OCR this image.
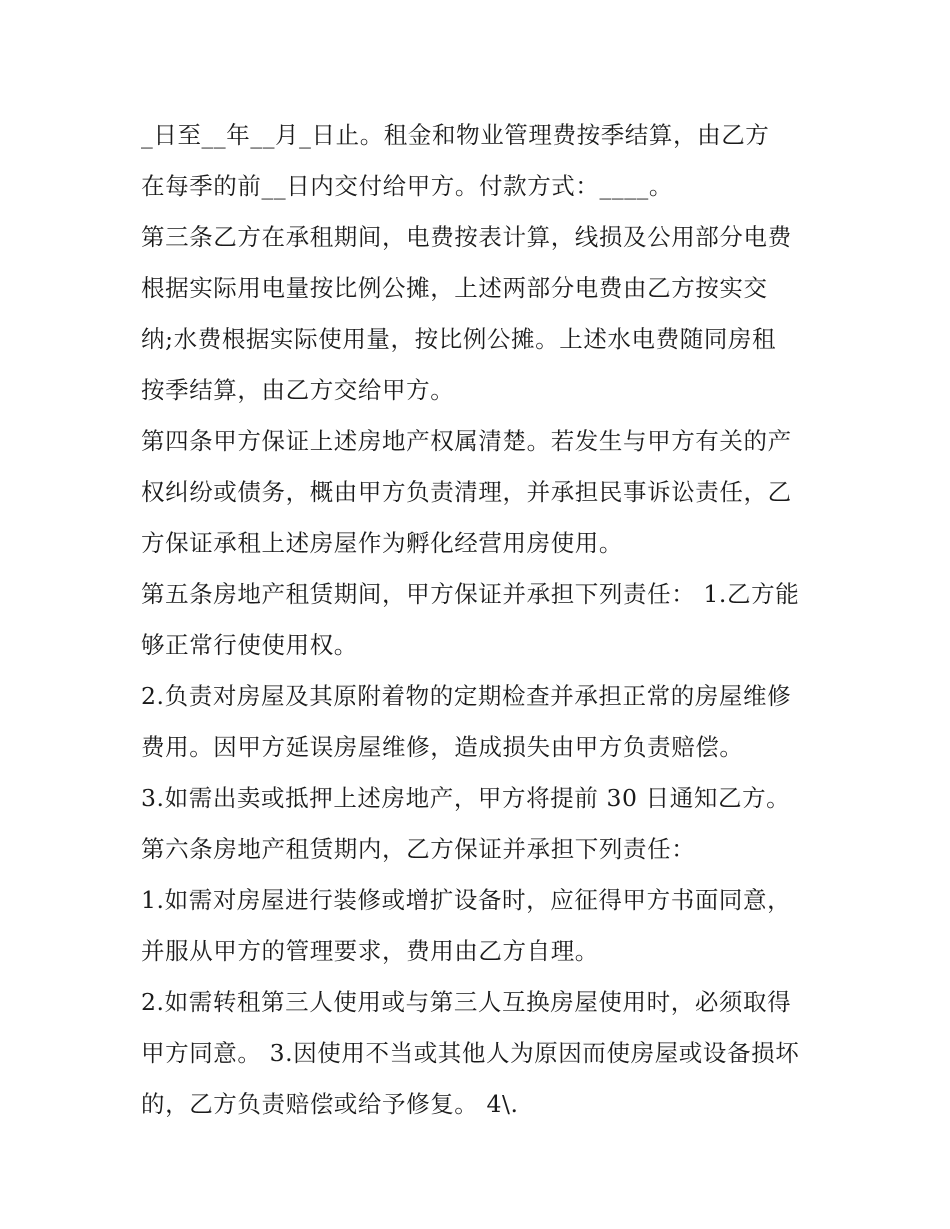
_日至__年__月_日止。租金和物业管理费按季结算，由乙方
在每季的前__日内交付给甲方。付款方式：____。
第三条乙方在承租期间，电费按表计算，线损及公用部分电费
根据实际用电量按比例公摊，上述两部分电费由乙方按实交
纳;水费根据实际使用量，按比例公摊。上述水电费随同房租
按季结算，由乙方交给甲方。
第四条甲方保证上述房地产权属清楚。若发生与甲方有关的产
权纠纷或债务，概由甲方负责清理，并承担民事诉讼责任，乙
方保证承租上述房屋作为孵化经营用房使用。
第五条房地产租赁期间，甲方保证并承担下列责任： 1.乙方能
够正常行使使用权。
2.负责对房屋及其原附着物的定期检查并承担正常的房屋维修
费用。因甲方延误房屋维修，造成损失由甲方负责赔偿。
3.如需出卖或抵押上述房地产，甲方将提前 30 日通知乙方。
第六条房地产租赁期内，乙方保证并承担下列责任：
1.如需对房屋进行装修或增扩设备时，应征得甲方书面同意，
并服从甲方的管理要求，费用由乙方自理。
2.如需转租第三人使用或与第三人互换房屋使用时，必须取得
甲方同意。 3.因使用不当或其他人为原因而使房屋或设备损坏
的，乙方负责赔偿或给予修复。 4\.
